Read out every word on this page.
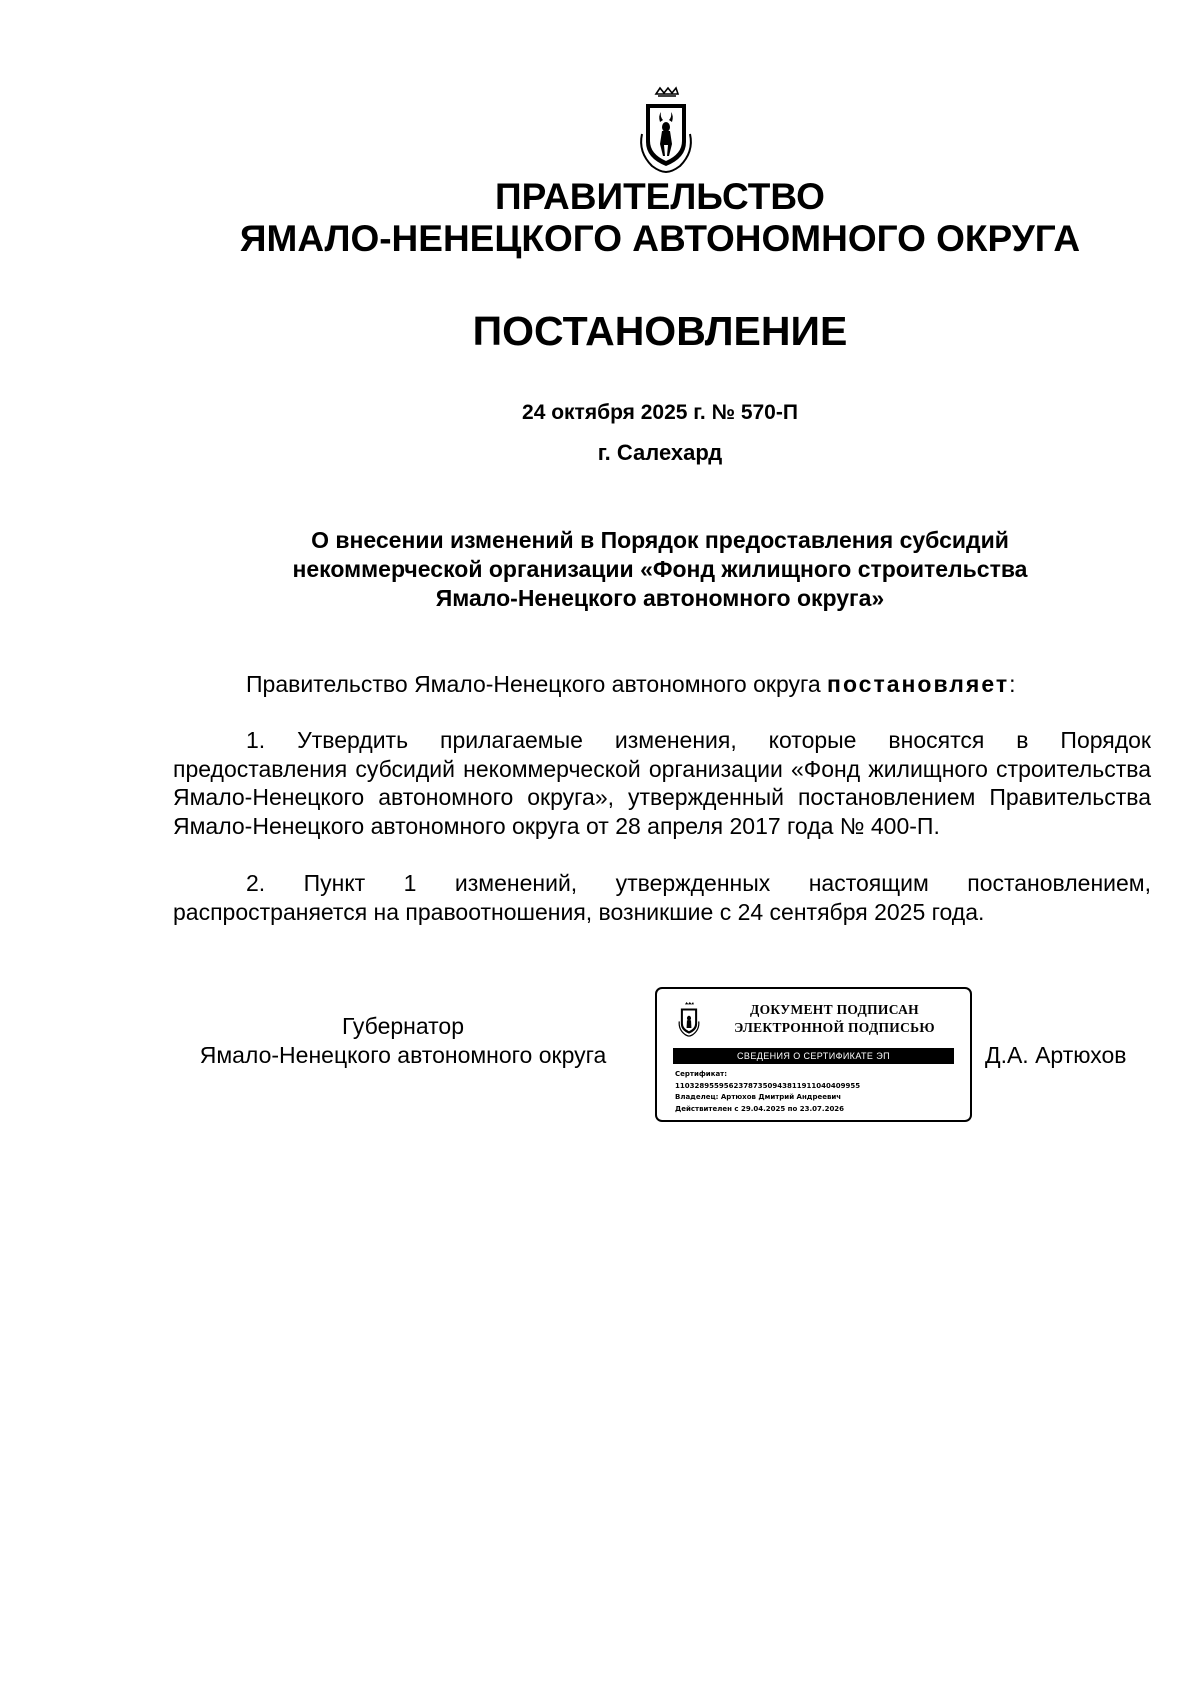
ПРАВИТЕЛЬСТВО
ЯМАЛО-НЕНЕЦКОГО АВТОНОМНОГО ОКРУГА
ПОСТАНОВЛЕНИЕ
24 октября 2025 г. № 570-П
г. Салехард
О внесении изменений в Порядок предоставления субсидий
некоммерческой организации «Фонд жилищного строительства
Ямало-Ненецкого автономного округа»

Правительство Ямало-Ненецкого автономного округа постановляет:

1. Утвердить прилагаемые изменения, которые вносятся в Порядок предоставления субсидий некоммерческой организации «Фонд жилищного строительства Ямало-Ненецкого автономного округа», утвержденный постановлением Правительства Ямало-Ненецкого автономного округа от 28 апреля 2017 года № 400-П.

2. Пункт 1 изменений, утвержденных настоящим постановлением, распространяется на правоотношения, возникшие с 24 сентября 2025 года.

Губернатор
Ямало-Ненецкого автономного округа
ДОКУМЕНТ ПОДПИСАН
ЭЛЕКТРОННОЙ ПОДПИСЬЮ
СВЕДЕНИЯ О СЕРТИФИКАТЕ ЭП
Сертификат:
11032895595623787350943811911040409955
Владелец: Артюхов Дмитрий Андреевич
Действителен с 29.04.2025 по 23.07.2026
Д.А. Артюхов
